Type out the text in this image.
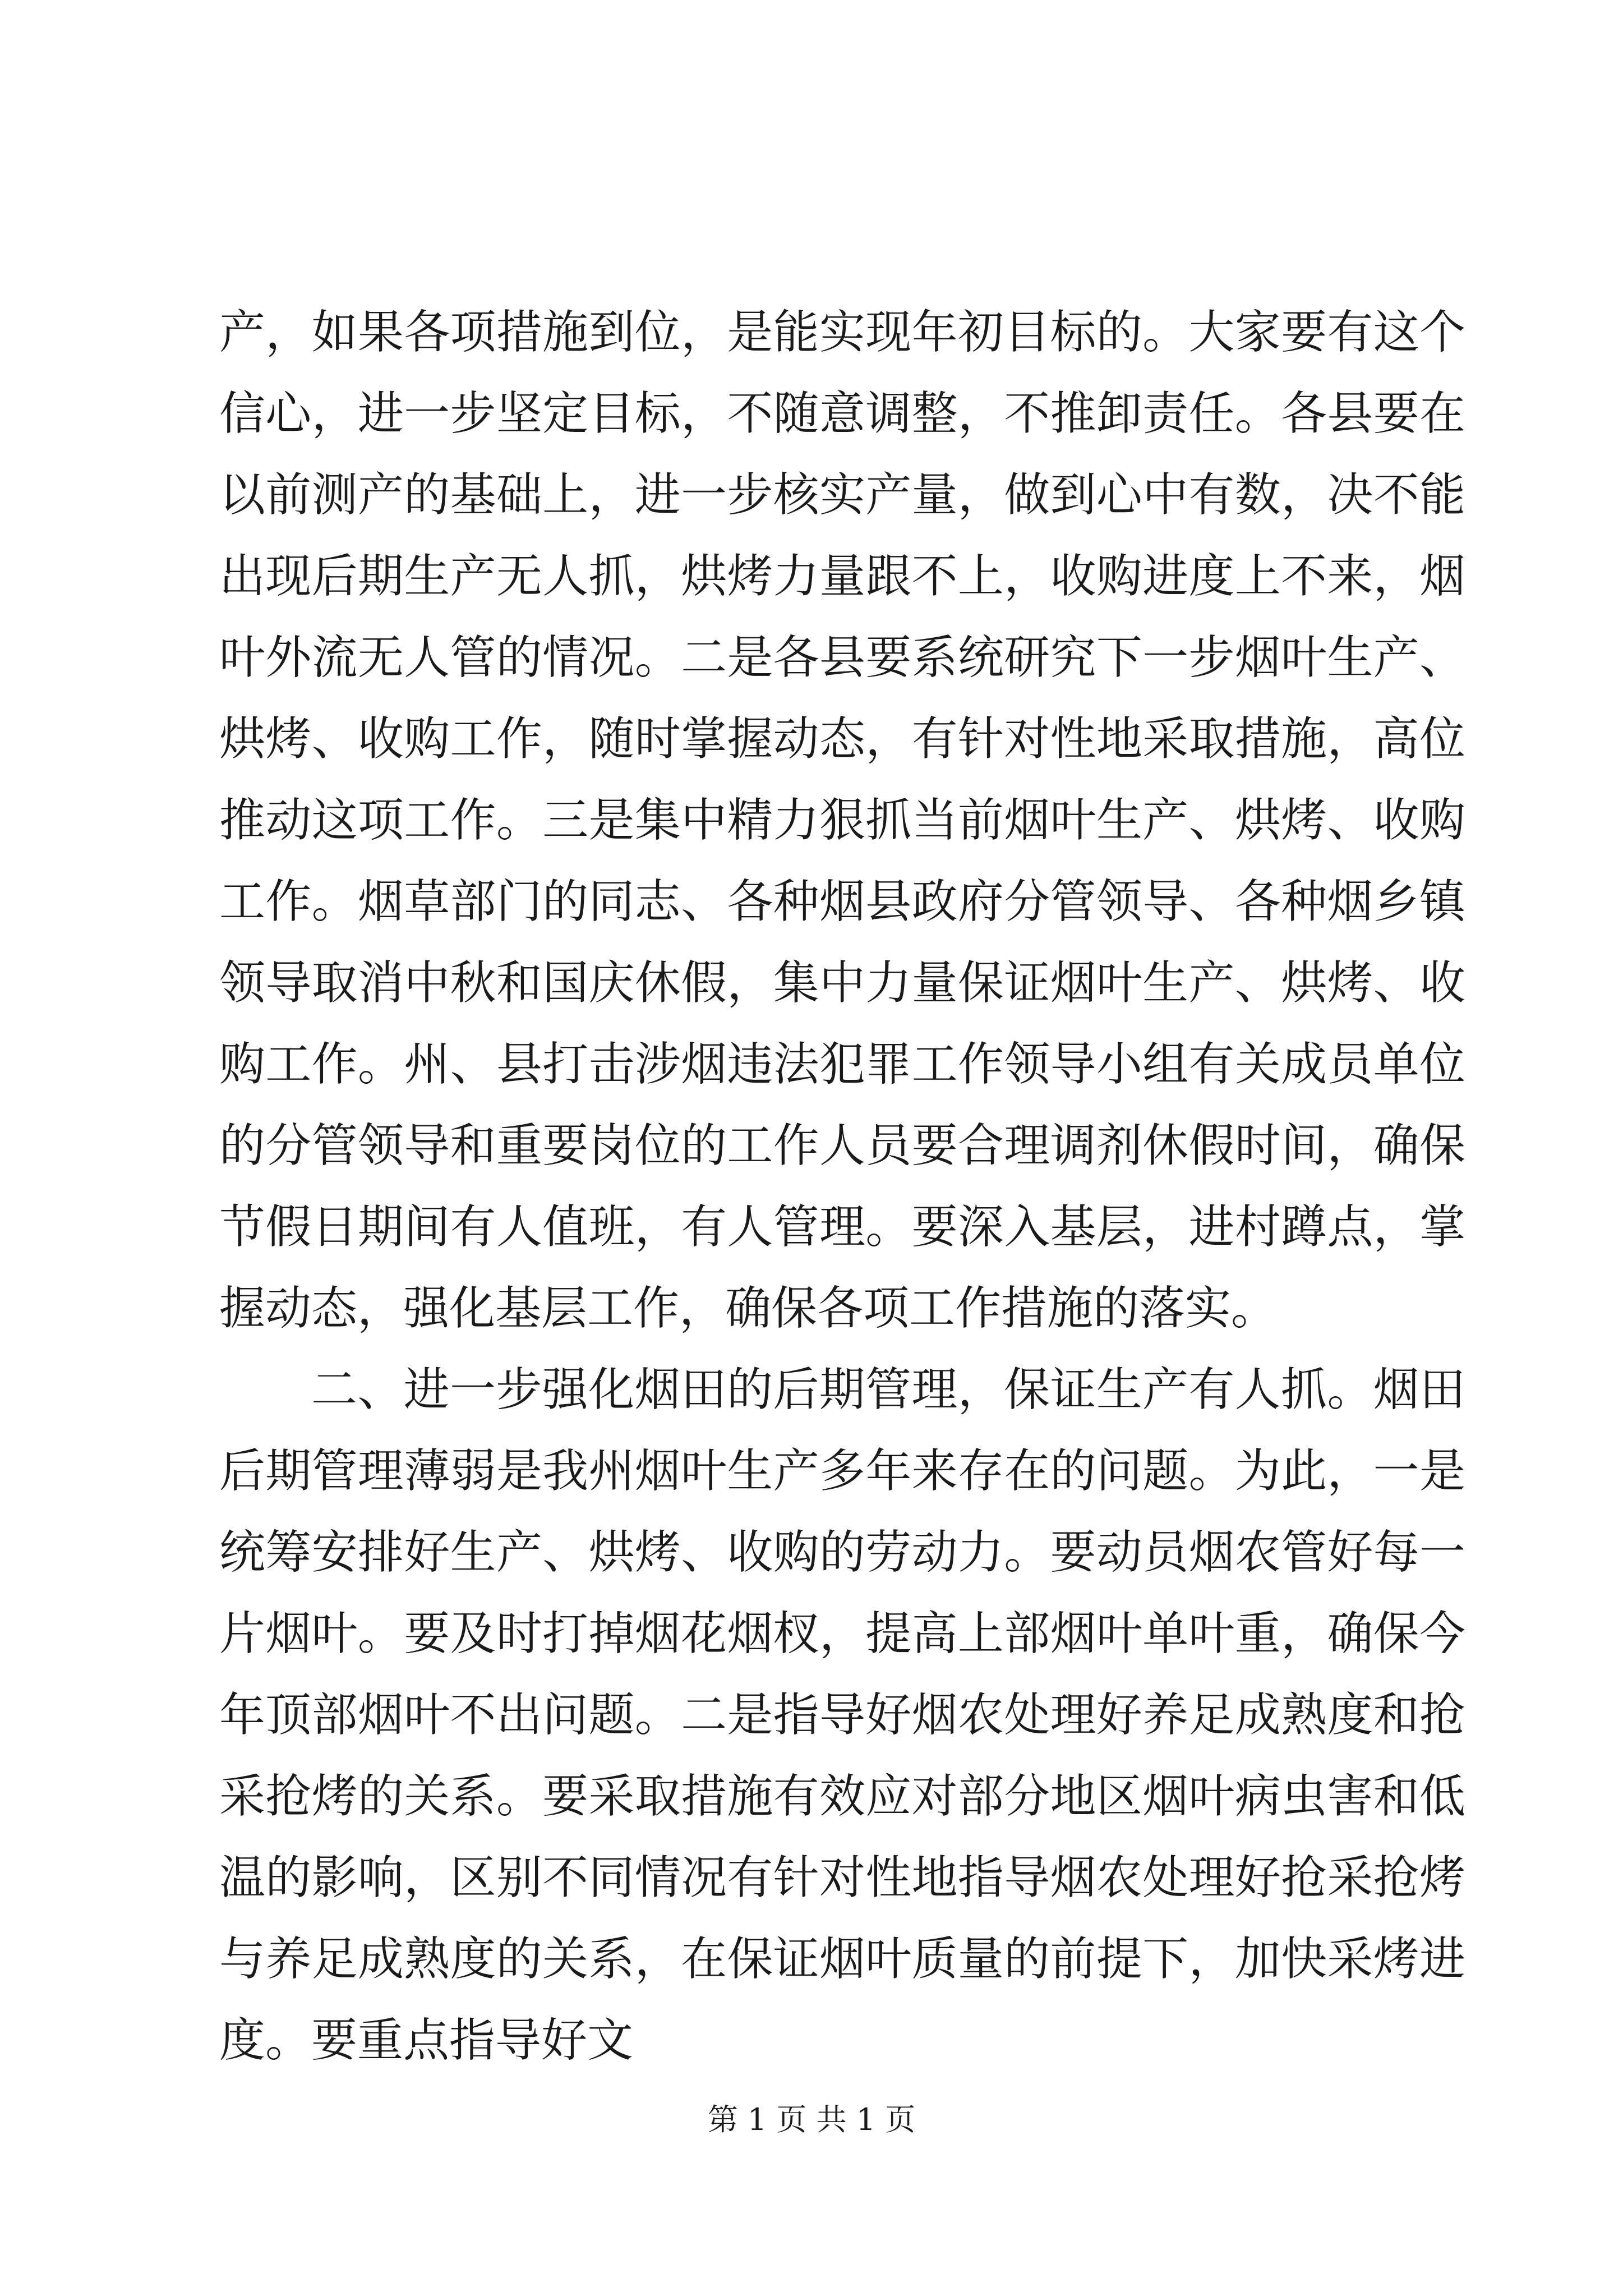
产，如果各项措施到位，是能实现年初目标的。大家要有这个信心，进一步坚定目标，不随意调整，不推卸责任。各县要在以前测产的基础上，进一步核实产量，做到心中有数，决不能出现后期生产无人抓，烘烤力量跟不上，收购进度上不来，烟叶外流无人管的情况。二是各县要系统研究下一步烟叶生产、烘烤、收购工作，随时掌握动态，有针对性地采取措施，高位推动这项工作。三是集中精力狠抓当前烟叶生产、烘烤、收购工作。烟草部门的同志、各种烟县政府分管领导、各种烟乡镇领导取消中秋和国庆休假，集中力量保证烟叶生产、烘烤、收购工作。州、县打击涉烟违法犯罪工作领导小组有关成员单位的分管领导和重要岗位的工作人员要合理调剂休假时间，确保节假日期间有人值班，有人管理。要深入基层，进村蹲点，掌握动态，强化基层工作，确保各项工作措施的落实。

二、进一步强化烟田的后期管理，保证生产有人抓。烟田后期管理薄弱是我州烟叶生产多年来存在的问题。为此，一是统筹安排好生产、烘烤、收购的劳动力。要动员烟农管好每一片烟叶。要及时打掉烟花烟杈，提高上部烟叶单叶重，确保今年顶部烟叶不出问题。二是指导好烟农处理好养足成熟度和抢采抢烤的关系。要采取措施有效应对部分地区烟叶病虫害和低温的影响，区别不同情况有针对性地指导烟农处理好抢采抢烤与养足成熟度的关系，在保证烟叶质量的前提下，加快采烤进度。要重点指导好文

第 1 页 共 1 页
